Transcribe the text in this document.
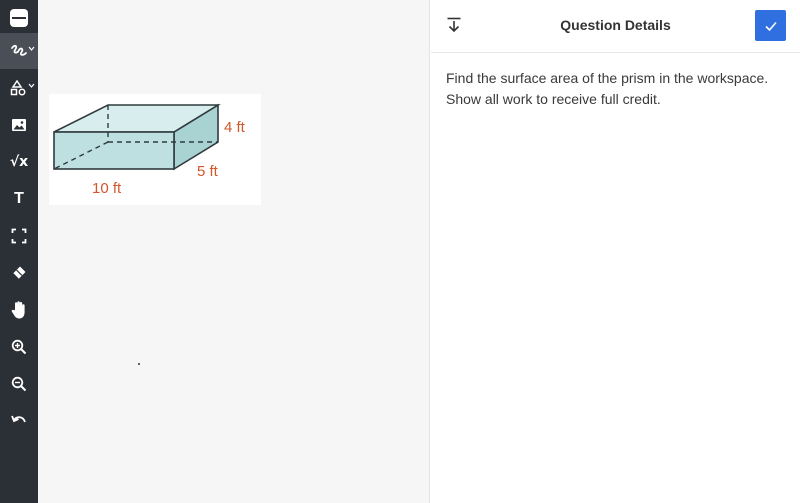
√x
T
4 ft
5 ft
10 ft
Question Details
Find the surface area of the prism in the workspace. Show all work to receive full credit.
